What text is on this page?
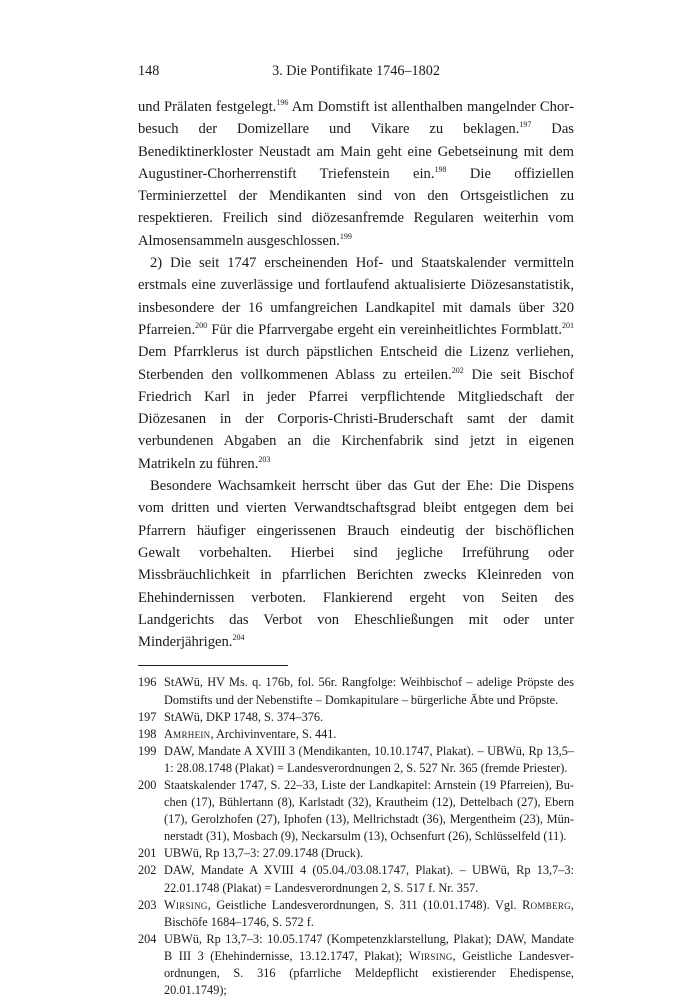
148	3. Die Pontifikate 1746–1802

und Prälaten festgelegt.$^{196}$ Am Domstift ist allenthalben mangelnder Chorbesuch der Domizellare und Vikare zu beklagen.$^{197}$ Das Benediktinerkloster Neustadt am Main geht eine Gebetseinung mit dem Augustiner-Chorherrenstift Triefenstein ein.$^{198}$ Die offiziellen Terminierzettel der Mendikanten sind von den Ortsgeistlichen zu respektieren. Freilich sind diözesanfremde Regularen weiterhin vom Almosensammeln ausgeschlossen.$^{199}$

2) Die seit 1747 erscheinenden Hof- und Staatskalender vermitteln erstmals eine zuverlässige und fortlaufend aktualisierte Diözesanstatistik, insbesondere der 16 umfangreichen Landkapitel mit damals über 320 Pfarreien.$^{200}$ Für die Pfarrvergabe ergeht ein vereinheitlichtes Formblatt.$^{201}$ Dem Pfarrklerus ist durch päpstlichen Entscheid die Lizenz verliehen, Sterbenden den vollkommenen Ablass zu erteilen.$^{202}$ Die seit Bischof Friedrich Karl in jeder Pfarrei verpflichtende Mitgliedschaft der Diözesanen in der Corporis-Christi-Bruderschaft samt der damit verbundenen Abgaben an die Kirchenfabrik sind jetzt in eigenen Matrikeln zu führen.$^{203}$

Besondere Wachsamkeit herrscht über das Gut der Ehe: Die Dispens vom dritten und vierten Verwandtschaftsgrad bleibt entgegen dem bei Pfarrern häufiger eingerissenen Brauch eindeutig der bischöflichen Gewalt vorbehalten. Hierbei sind jegliche Irreführung oder Missbräuchlichkeit in pfarrlichen Berichten zwecks Kleinreden von Ehehindernissen verboten. Flankierend ergeht von Seiten des Landgerichts das Verbot von Eheschließungen mit oder unter Minderjährigen.$^{204}$

196 StAWü, HV Ms. q. 176b, fol. 56r. Rangfolge: Weihbischof – adelige Pröpste des Domstifts und der Nebenstifte – Domkapitulare – bürgerliche Äbte und Pröpste.
197 StAWü, DKP 1748, S. 374–376.
198 Amrhein, Archivinventare, S. 441.
199 DAW, Mandate A XVIII 3 (Mendikanten, 10.10.1747, Plakat). – UBWü, Rp 13,5–1: 28.08.1748 (Plakat) = Landesverordnungen 2, S. 527 Nr. 365 (fremde Priester).
200 Staatskalender 1747, S. 22–33, Liste der Landkapitel: Arnstein (19 Pfarreien), Buchen (17), Bühlertann (8), Karlstadt (32), Krautheim (12), Dettelbach (27), Ebern (17), Gerolzhofen (27), Iphofen (13), Mellrichstadt (36), Mergentheim (23), Münnerstadt (31), Mosbach (9), Neckarsulm (13), Ochsenfurt (26), Schlüsselfeld (11).
201 UBWü, Rp 13,7–3: 27.09.1748 (Druck).
202 DAW, Mandate A XVIII 4 (05.04./03.08.1747, Plakat). – UBWü, Rp 13,7–3: 22.01.1748 (Plakat) = Landesverordnungen 2, S. 517 f. Nr. 357.
203 Wirsing, Geistliche Landesverordnungen, S. 311 (10.01.1748). Vgl. Romberg, Bischöfe 1684–1746, S. 572 f.
204 UBWü, Rp 13,7–3: 10.05.1747 (Kompetenzklarstellung, Plakat); DAW, Mandate B III 3 (Ehehindernisse, 13.12.1747, Plakat); Wirsing, Geistliche Landesverordnungen, S. 316 (pfarrliche Meldepflicht existierender Ehedispense, 20.01.1749);
